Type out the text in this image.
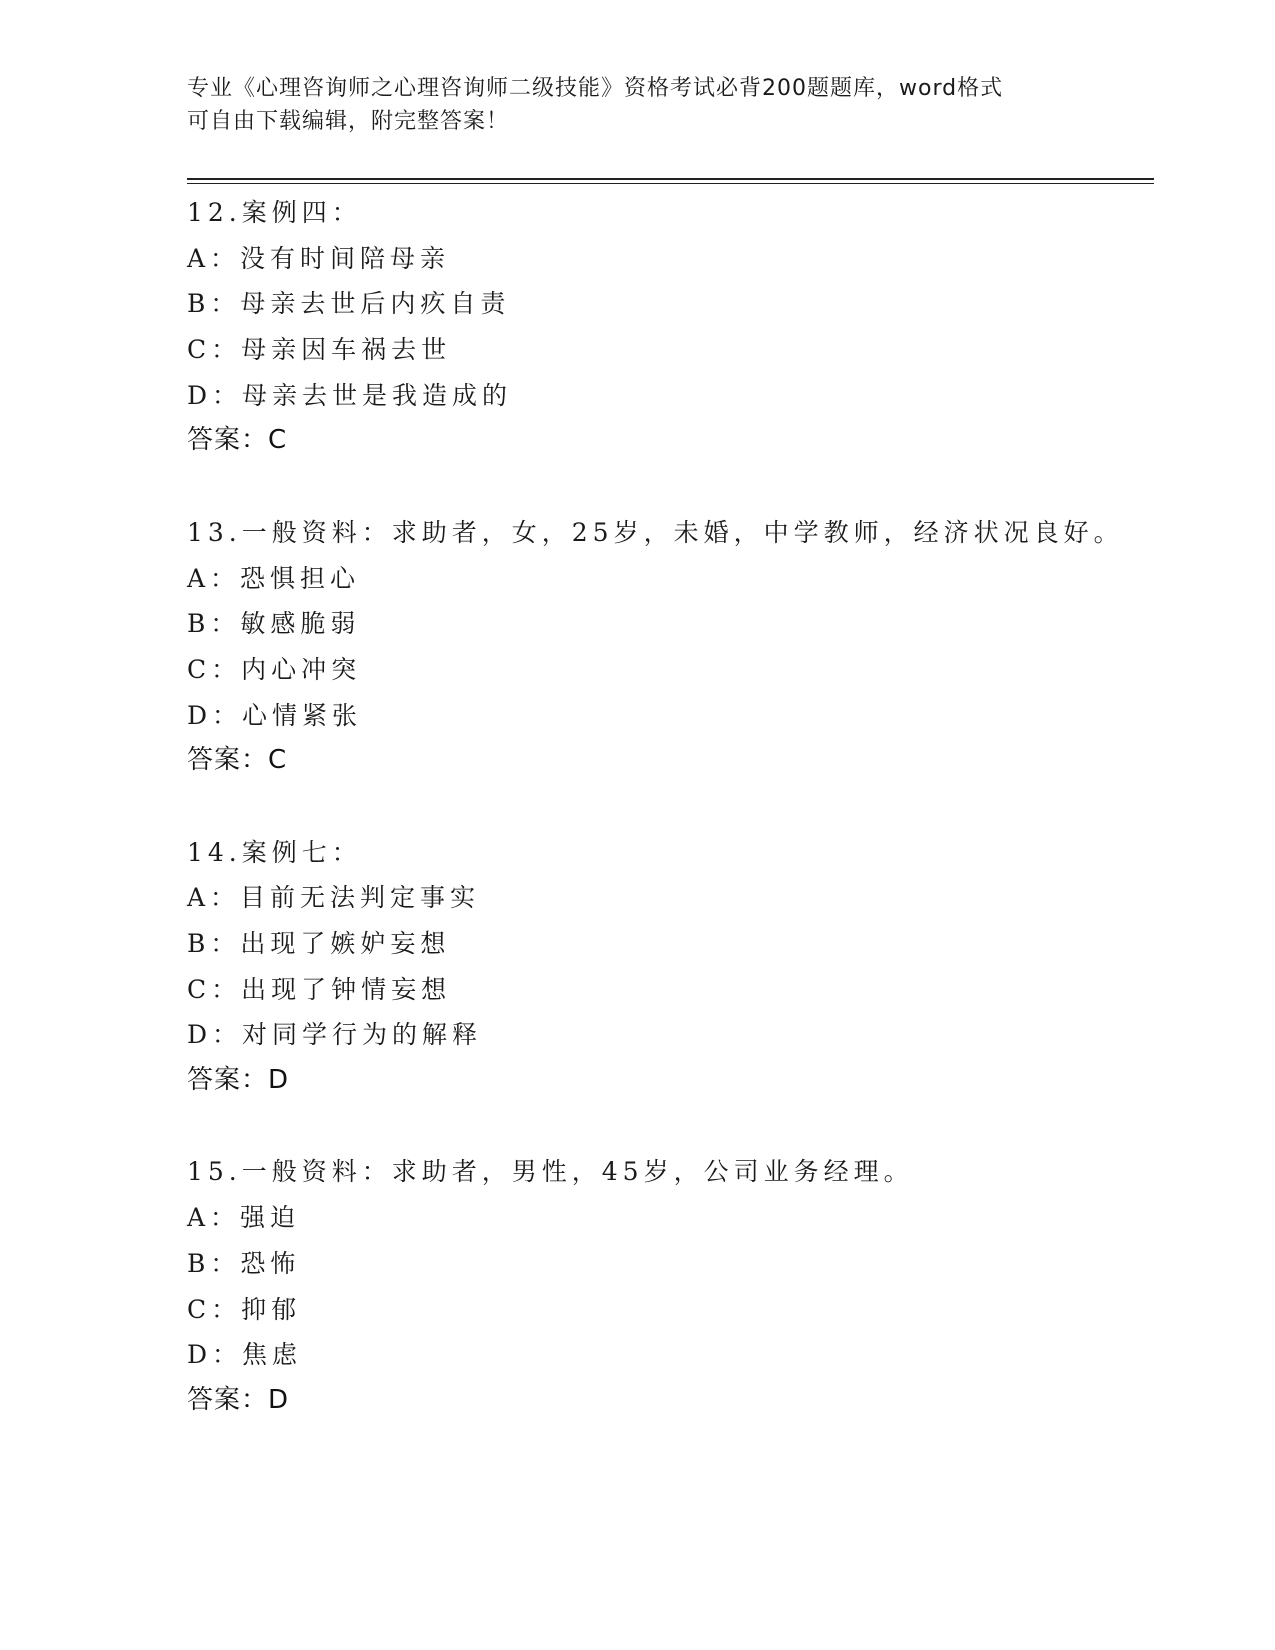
专业《心理咨询师之心理咨询师二级技能》资格考试必背200题题库，word格式
可自由下载编辑，附完整答案！
12.案例四：
A：没有时间陪母亲
B：母亲去世后内疚自责
C：母亲因车祸去世
D：母亲去世是我造成的
答案：C
13.一般资料：求助者，女，25岁，未婚，中学教师，经济状况良好。
A：恐惧担心
B：敏感脆弱
C：内心冲突
D：心情紧张
答案：C
14.案例七：
A：目前无法判定事实
B：出现了嫉妒妄想
C：出现了钟情妄想
D：对同学行为的解释
答案：D
15.一般资料：求助者，男性，45岁，公司业务经理。
A：强迫
B：恐怖
C：抑郁
D：焦虑
答案：D
